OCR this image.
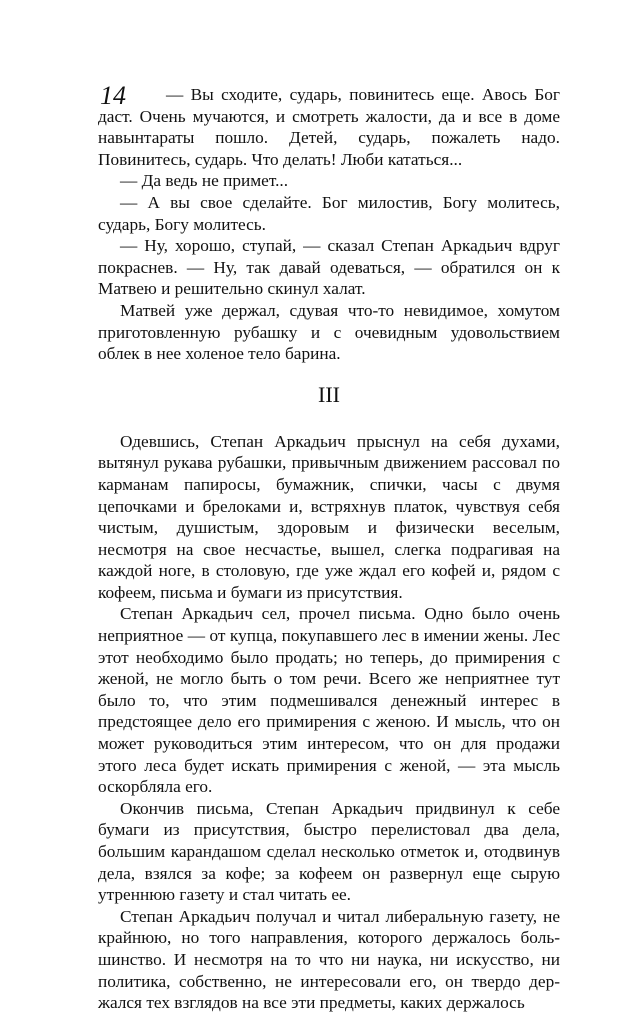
14	— Вы сходите, сударь, повинитесь еще. Авось Бог даст. Очень мучаются, и смотреть жалости, да и все в доме навынтараты пошло. Детей, сударь, пожалеть надо. Повинитесь, сударь. Что делать! Люби кататься...

— Да ведь не примет...

— А вы свое сделайте. Бог милостив, Богу молитесь, сударь, Богу молитесь.

— Ну, хорошо, ступай, — сказал Степан Аркадьич вдруг покраснев. — Ну, так давай одеваться, — обратился он к Матвею и решительно скинул халат.

Матвей уже держал, сдувая что-то невидимое, хомутом приготовленную рубашку и с очевидным удовольствием облек в нее холеное тело барина.

III

Одевшись, Степан Аркадьич прыснул на себя духами, вытянул рукава рубашки, привычным движением рассовал по карманам папиросы, бумажник, спички, часы с двумя цепочками и брелоками и, встряхнув платок, чувствуя себя чистым, душистым, здоровым и физически веселым, несмотря на свое несчастье, вышел, слегка подрагивая на каждой ноге, в столовую, где уже ждал его кофей и, рядом с кофеем, письма и бумаги из присутствия.

Степан Аркадьич сел, прочел письма. Одно было очень неприятное — от купца, покупавшего лес в имении жены. Лес этот необходимо было продать; но теперь, до примирения с женой, не могло быть о том речи. Всего же неприятнее тут было то, что этим подмешивался денежный интерес в предстоящее дело его примирения с женою. И мысль, что он может руководиться этим интересом, что он для продажи этого леса будет искать примирения с женой, — эта мысль оскорбляла его.

Окончив письма, Степан Аркадьич придвинул к себе бумаги из присутствия, быстро перелистовал два дела, большим карандашом сделал несколько отметок и, отодвинув дела, взялся за кофе; за кофеем он развернул еще сырую утреннюю газету и стал читать ее.

Степан Аркадьич получал и читал либеральную газету, не крайнюю, но того направления, которого держалось большинство. И несмотря на то что ни наука, ни искусство, ни политика, собственно, не интересовали его, он твердо держался тех взглядов на все эти предметы, каких держалось
